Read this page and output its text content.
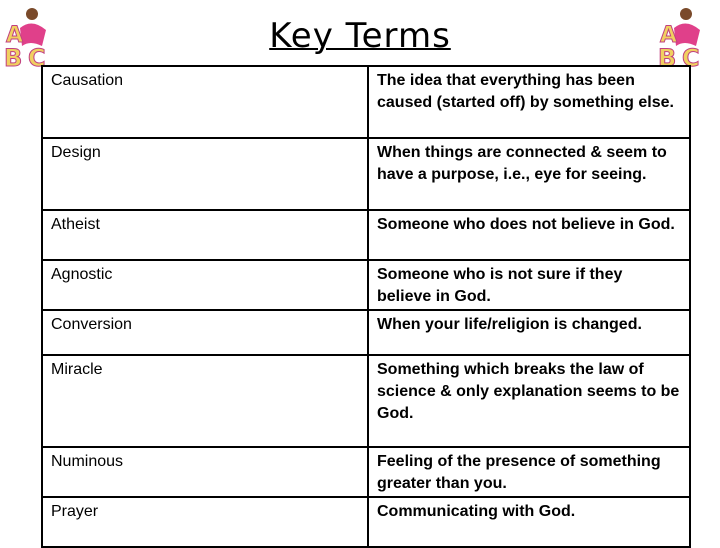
A
B C
A
B C
Key Terms
Causation	The idea that everything has been caused (started off) by something else.
Design	When things are connected & seem to have a purpose, i.e., eye for seeing.
Atheist	Someone who does not believe in God.
Agnostic	Someone who is not sure if they believe in God.
Conversion	When your life/religion is changed.
Miracle	Something which breaks the law of science & only explanation seems to be God.
Numinous	Feeling of the presence of something greater than you.
Prayer	Communicating with God.
